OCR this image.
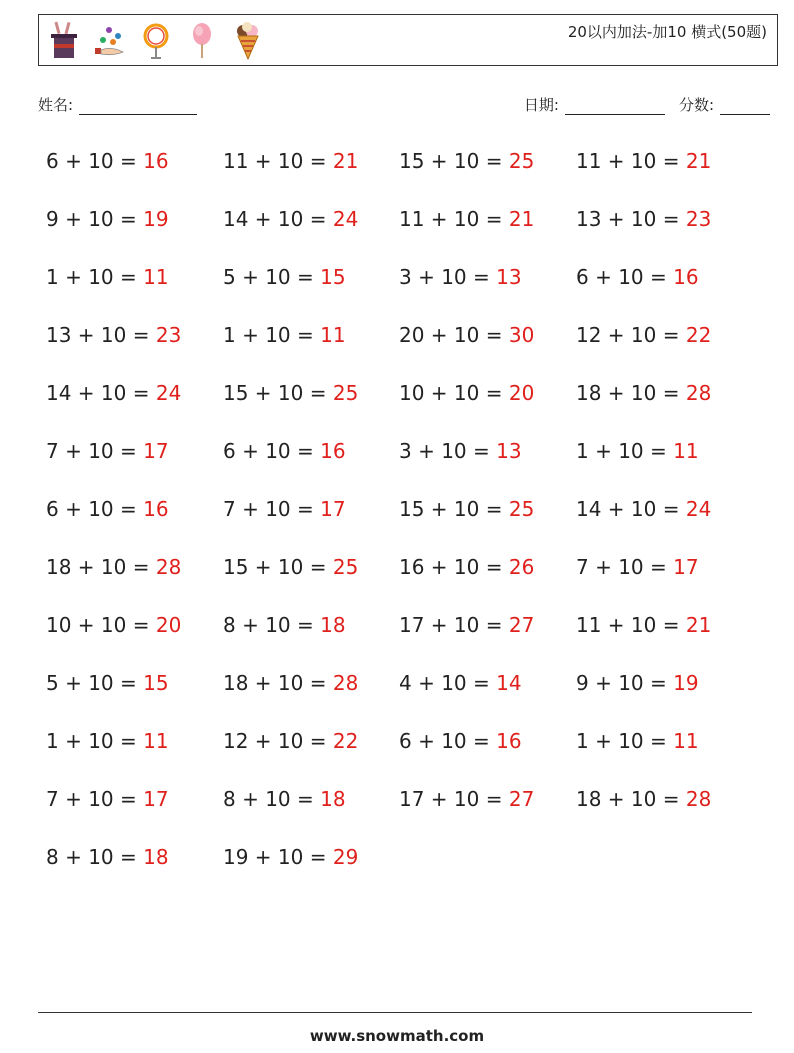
20以内加法-加10 横式(50题)
姓名:	日期:	分数:
6 + 10 = 16	11 + 10 = 21 15 + 10 = 25 11 + 10 = 21
9 + 10 = 19	14 + 10 = 24 11 + 10 = 21 13 + 10 = 23
1 + 10 = 11	5 + 10 = 15	3 + 10 = 13	6 + 10 = 16
13 + 10 = 23 1 + 10 = 11	20 + 10 = 30 12 + 10 = 22
14 + 10 = 24 15 + 10 = 25 10 + 10 = 20 18 + 10 = 28
7 + 10 = 17	6 + 10 = 16	3 + 10 = 13	1 + 10 = 11
6 + 10 = 16	7 + 10 = 17	15 + 10 = 25 14 + 10 = 24
18 + 10 = 28 15 + 10 = 25 16 + 10 = 26 7 + 10 = 17
10 + 10 = 20 8 + 10 = 18	17 + 10 = 27 11 + 10 = 21
5 + 10 = 15	18 + 10 = 28 4 + 10 = 14	9 + 10 = 19
1 + 10 = 11	12 + 10 = 22 6 + 10 = 16	1 + 10 = 11
7 + 10 = 17	8 + 10 = 18	17 + 10 = 27 18 + 10 = 28
8 + 10 = 18	19 + 10 = 29
www.snowmath.com
